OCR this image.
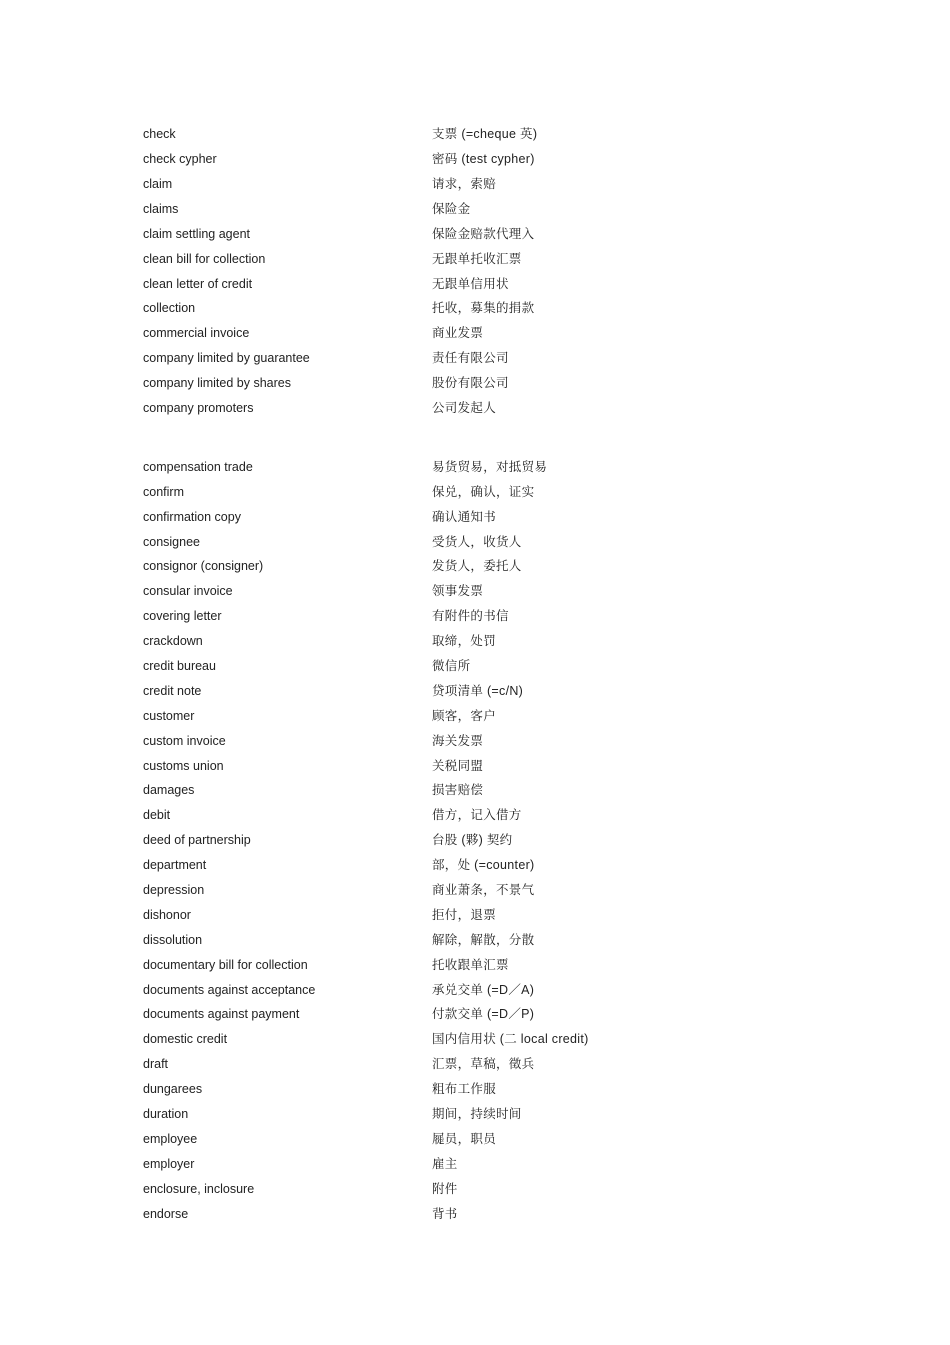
check	支票 (=cheque 英)
check cypher	密码 (test cypher)
claim	请求，索赔
claims	保险金
claim settling agent	保险金赔款代理入
clean bill for collection	无跟单托收汇票
clean letter of credit	无跟单信用状
collection	托收，募集的捐款
commercial invoice	商业发票
company limited by guarantee	责任有限公司
company limited by shares	股份有限公司
company promoters	公司发起人
compensation trade	易货贸易，对抵贸易
confirm	保兑，确认，证实
confirmation copy	确认通知书
consignee	受货人，收货人
consignor (consigner)	发货人，委托人
consular invoice	领事发票
covering letter	有附件的书信
crackdown	取缔，处罚
credit bureau	微信所
credit note	贷项清单 (=c/N)
customer	顾客，客户
custom invoice	海关发票
customs union	关税同盟
damages	损害赔偿
debit	借方，记入借方
deed of partnership	台股 (夥) 契约
department	部，处 (=counter)
depression	商业萧条，不景气
dishonor	拒付，退票
dissolution	解除，解散，分散
documentary bill for collection	托收跟单汇票
documents against acceptance	承兑交单 (=D／A)
documents against payment	付款交单 (=D／P)
domestic credit	国内信用状 (二 local credit)
draft	汇票，草稿，徵兵
dungarees	粗布工作服
duration	期间，持续时间
employee	屣员，职员
employer	雇主
enclosure, inclosure	附件
endorse	背书
